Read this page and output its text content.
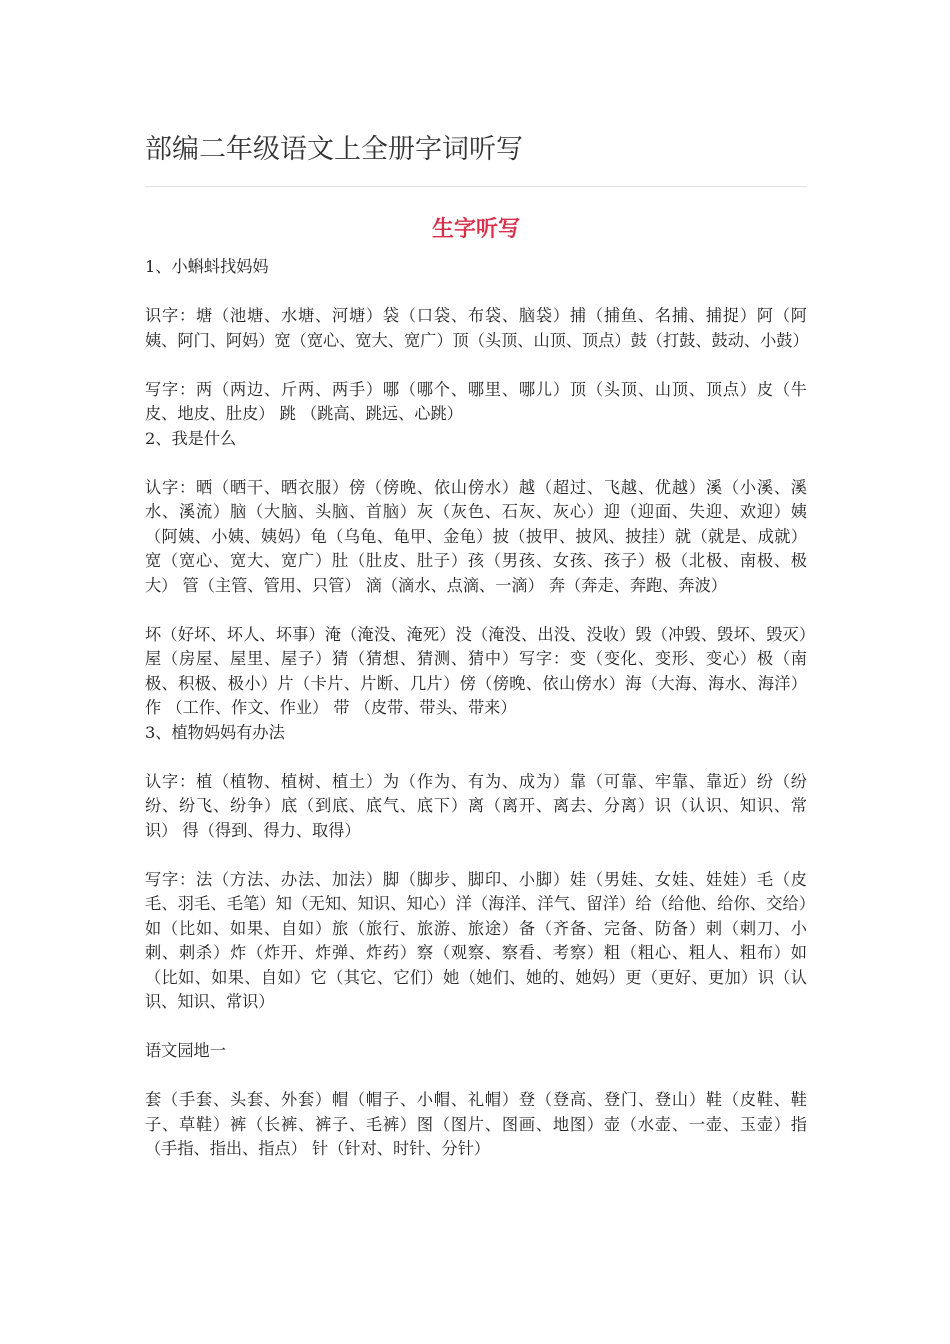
部编二年级语文上全册字词听写
生字听写

1、小蝌蚪找妈妈

识字：塘（池塘、水塘、河塘）袋（口袋、布袋、脑袋）捕（捕鱼、名捕、捕捉）阿（阿姨、阿门、阿妈）宽（宽心、宽大、宽广）顶（头顶、山顶、顶点）鼓（打鼓、鼓动、小鼓）

写字：两（两边、斤两、两手）哪（哪个、哪里、哪儿）顶（头顶、山顶、顶点）皮（牛皮、地皮、肚皮） 跳 （跳高、跳远、心跳）

2、我是什么

认字：晒（晒干、晒衣服）傍（傍晚、依山傍水）越（超过、飞越、优越）溪（小溪、溪水、溪流）脑（大脑、头脑、首脑）灰（灰色、石灰、灰心）迎（迎面、失迎、欢迎）姨（阿姨、小姨、姨妈）龟（乌龟、龟甲、金龟）披（披甲、披风、披挂）就（就是、成就）宽（宽心、宽大、宽广）肚（肚皮、肚子）孩（男孩、女孩、孩子）极（北极、南极、极大） 管（主管、管用、只管） 滴（滴水、点滴、一滴） 奔（奔走、奔跑、奔波）

坏（好坏、坏人、坏事）淹（淹没、淹死）没（淹没、出没、没收）毁（冲毁、毁坏、毁灭）屋（房屋、屋里、屋子）猜（猜想、猜测、猜中）写字：变（变化、变形、变心）极（南极、积极、极小）片（卡片、片断、几片）傍（傍晚、依山傍水）海（大海、海水、海洋） 作 （工作、作文、作业） 带 （皮带、带头、带来）

3、植物妈妈有办法

认字：植（植物、植树、植土）为（作为、有为、成为）靠（可靠、牢靠、靠近）纷（纷纷、纷飞、纷争）底（到底、底气、底下）离（离开、离去、分离）识（认识、知识、常识） 得（得到、得力、取得）

写字：法（方法、办法、加法）脚（脚步、脚印、小脚）娃（男娃、女娃、娃娃）毛（皮毛、羽毛、毛笔）知（无知、知识、知心）洋（海洋、洋气、留洋）给（给他、给你、交给）如（比如、如果、自如）旅（旅行、旅游、旅途）备（齐备、完备、防备）刺（刺刀、小刺、刺杀）炸（炸开、炸弹、炸药）察（观察、察看、考察）粗（粗心、粗人、粗布）如（比如、如果、自如）它（其它、它们）她（她们、她的、她妈）更（更好、更加）识（认识、知识、常识）

语文园地一

套（手套、头套、外套）帽（帽子、小帽、礼帽）登（登高、登门、登山）鞋（皮鞋、鞋子、草鞋）裤（长裤、裤子、毛裤）图（图片、图画、地图）壶（水壶、一壶、玉壶）指（手指、指出、指点） 针（针对、时针、分针）
